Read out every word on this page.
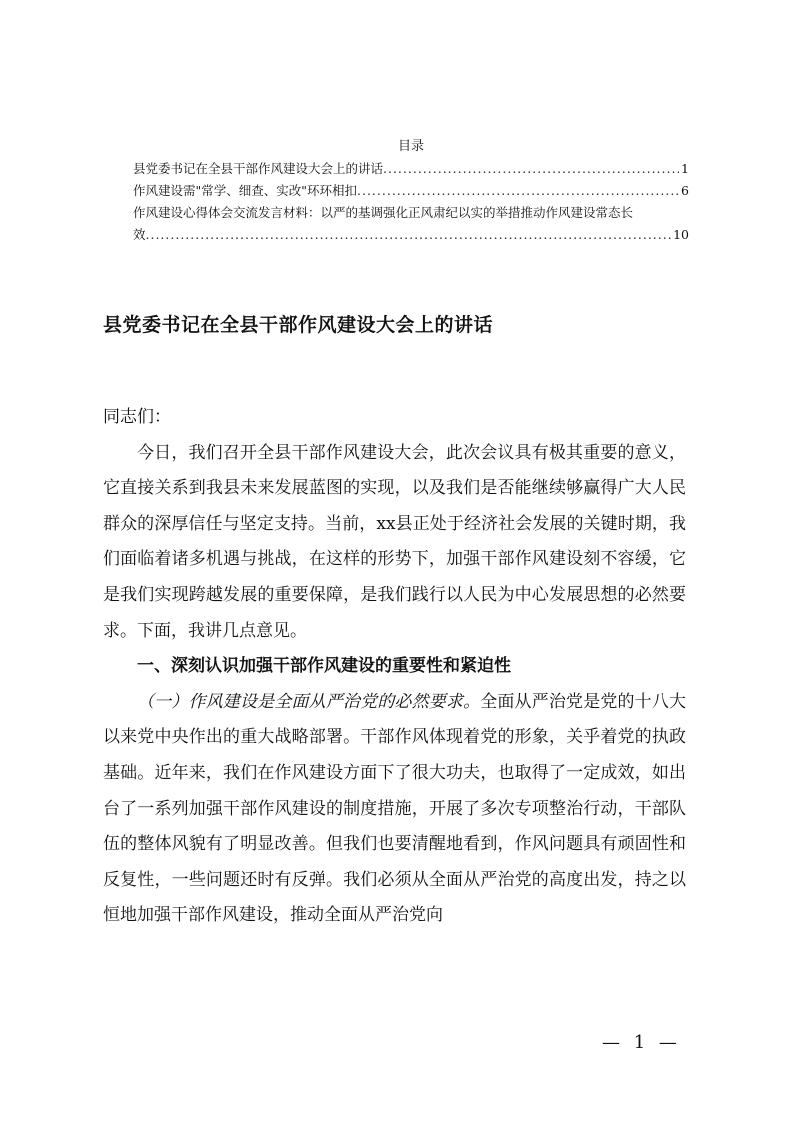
目录
县党委书记在全县干部作风建设大会上的讲话 .....	1
作风建设需"常学、细查、实改"环环相扣 .....	6
作风建设心得体会交流发言材料：以严的基调强化正风肃纪以实的举措推动作风建设常态长
效 .....	10
县党委书记在全县干部作风建设大会上的讲话

同志们：

今日，我们召开全县干部作风建设大会，此次会议具有极其重要的意义，它直接关系到我县未来发展蓝图的实现，以及我们是否能继续够赢得广大人民群众的深厚信任与坚定支持。当前，xx县正处于经济社会发展的关键时期，我们面临着诸多机遇与挑战，在这样的形势下，加强干部作风建设刻不容缓，它是我们实现跨越发展的重要保障，是我们践行以人民为中心发展思想的必然要求。下面，我讲几点意见。

一、深刻认识加强干部作风建设的重要性和紧迫性

（一）作风建设是全面从严治党的必然要求。全面从严治党是党的十八大以来党中央作出的重大战略部署。干部作风体现着党的形象，关乎着党的执政基础。近年来，我们在作风建设方面下了很大功夫，也取得了一定成效，如出台了一系列加强干部作风建设的制度措施，开展了多次专项整治行动，干部队伍的整体风貌有了明显改善。但我们也要清醒地看到，作风问题具有顽固性和反复性，一些问题还时有反弹。我们必须从全面从严治党的高度出发，持之以恒地加强干部作风建设，推动全面从严治党向

— 1 —
